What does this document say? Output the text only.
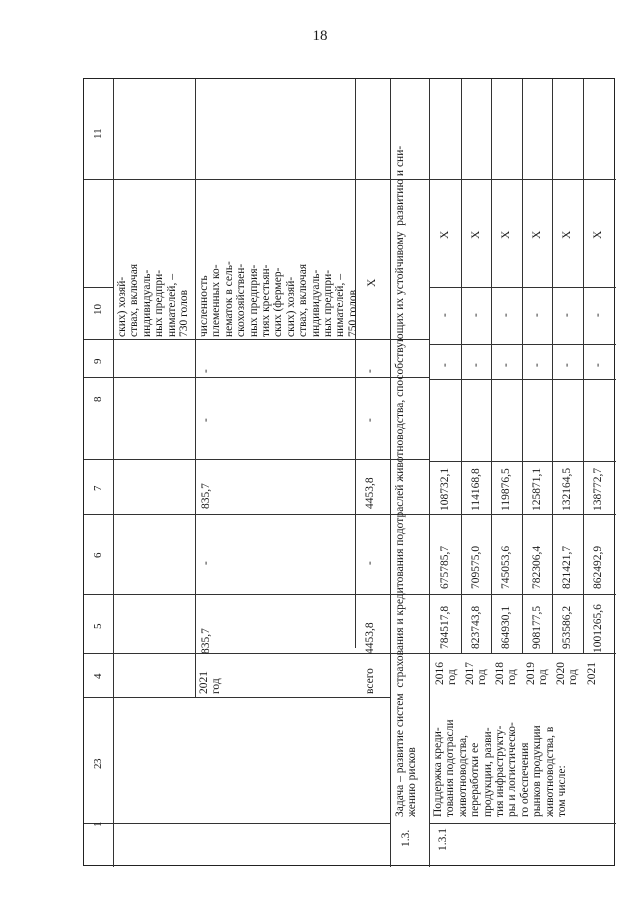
18
11
10
9
8
7
6
5
4
3
2
1
ских) хозяй-
ствах, включая
индивидуаль-
ных предпри-
нимателей, –
730 голов
2021
год
835,7
-
835,7
-
-
численность
племенных ко-
нематок в сель-
скохозяйствен-
ных предприя-
тиях крестьян-
ских (фермер-
ских) хозяй-
ствах, включая
индивидуаль-
ных предпри-
нимателей, –
750 голов
всего
4453,8
-
4453,8
-
-
X
1.3.
Задача – развитие систем  страхования и кредитования подотраслей животноводства, способствующих их устойчивому  развитию и сни-
жению рисков
1.3.1
Поддержка креди-
тования подотрасли
животноводства,
переработки ее
продукции, разви-
тия инфраструкту-
ры и логистическо-
го обеспечения
рынков продукции
животноводства, в
том числе:
2016
год
784517,8
675785,7
108732,1
-
-
X
2017
год
823743,8
709575,0
114168,8
-
-
X
2018
год
864930,1
745053,6
119876,5
-
-
X
2019
год
908177,5
782306,4
125871,1
-
-
X
2020
год
953586,2
821421,7
132164,5
-
-
X
2021
1001265,6
862492,9
138772,7
-
-
X
